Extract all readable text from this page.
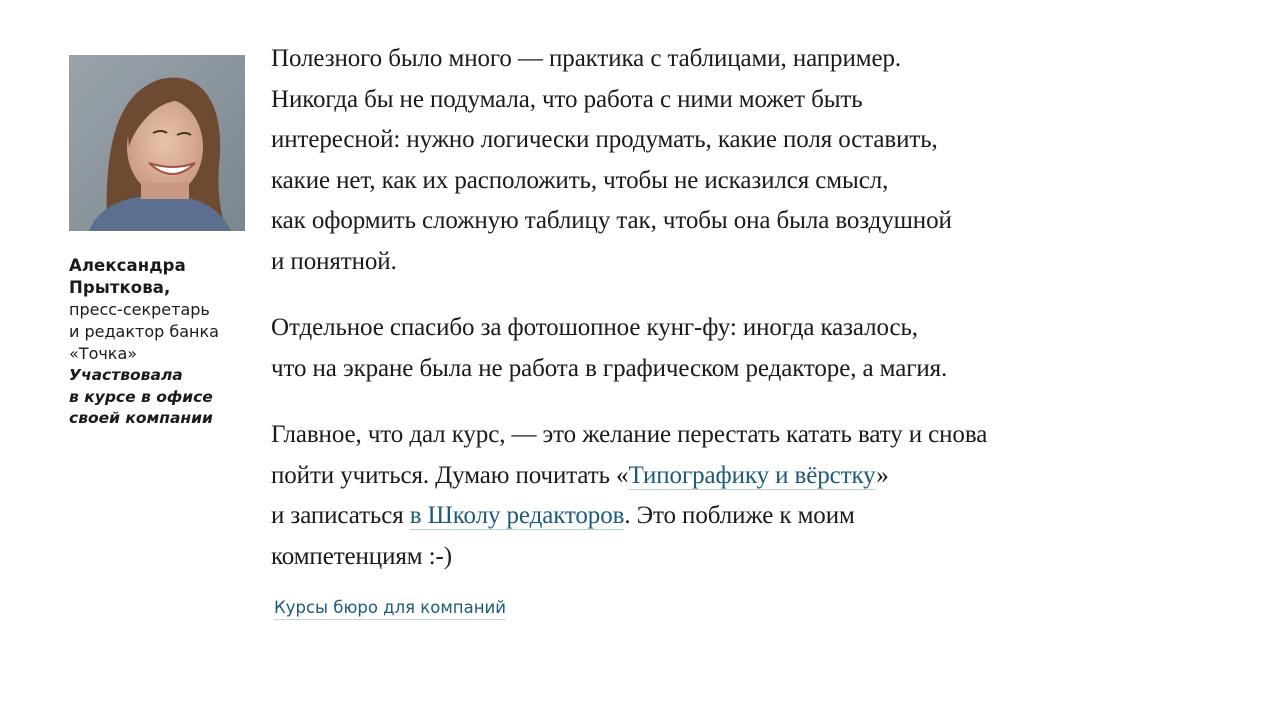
Александра
Прыткова,
пресс-секретарь
и редактор банка
«Точка»
Участвовала
в курсе в офисе
своей компании

Полезного было много — практика с таблицами, например.
Никогда бы не подумала, что работа с ними может быть
интересной: нужно логически продумать, какие поля оставить,
какие нет, как их расположить, чтобы не исказился смысл,
как оформить сложную таблицу так, чтобы она была воздушной
и понятной.

Отдельное спасибо за фотошопное кунг-фу: иногда казалось,
что на экране была не работа в графическом редакторе, а магия.

Главное, что дал курс, — это желание перестать катать вату и снова
пойти учиться. Думаю почитать «Типографику и вёрстку»
и записаться в Школу редакторов. Это поближе к моим
компетенциям :-)

Курсы бюро для компаний
